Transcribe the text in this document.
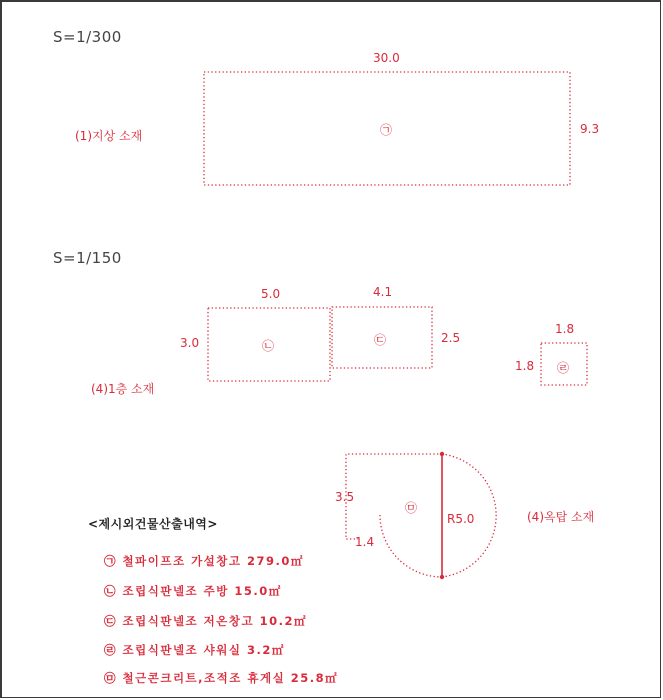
S=1/300
S=1/150
(1)지상 소재
30.0
9.3
㉠
(4)1층 소재
5.0
3.0	㉡
4.1
2.5
㉢
1.8
1.8 ㉣
(4)옥탑 소재
3.5
1.4
R5.0
㉤
<제시외건물산출내역>
㉠ 철파이프조 가설창고 279.0㎡
㉡ 조립식판넬조 주방 15.0㎡
㉢ 조립식판넬조 저온창고 10.2㎡
㉣ 조립식판넬조 샤워실 3.2㎡
㉤ 철근콘크리트,조적조 휴게실 25.8㎡
